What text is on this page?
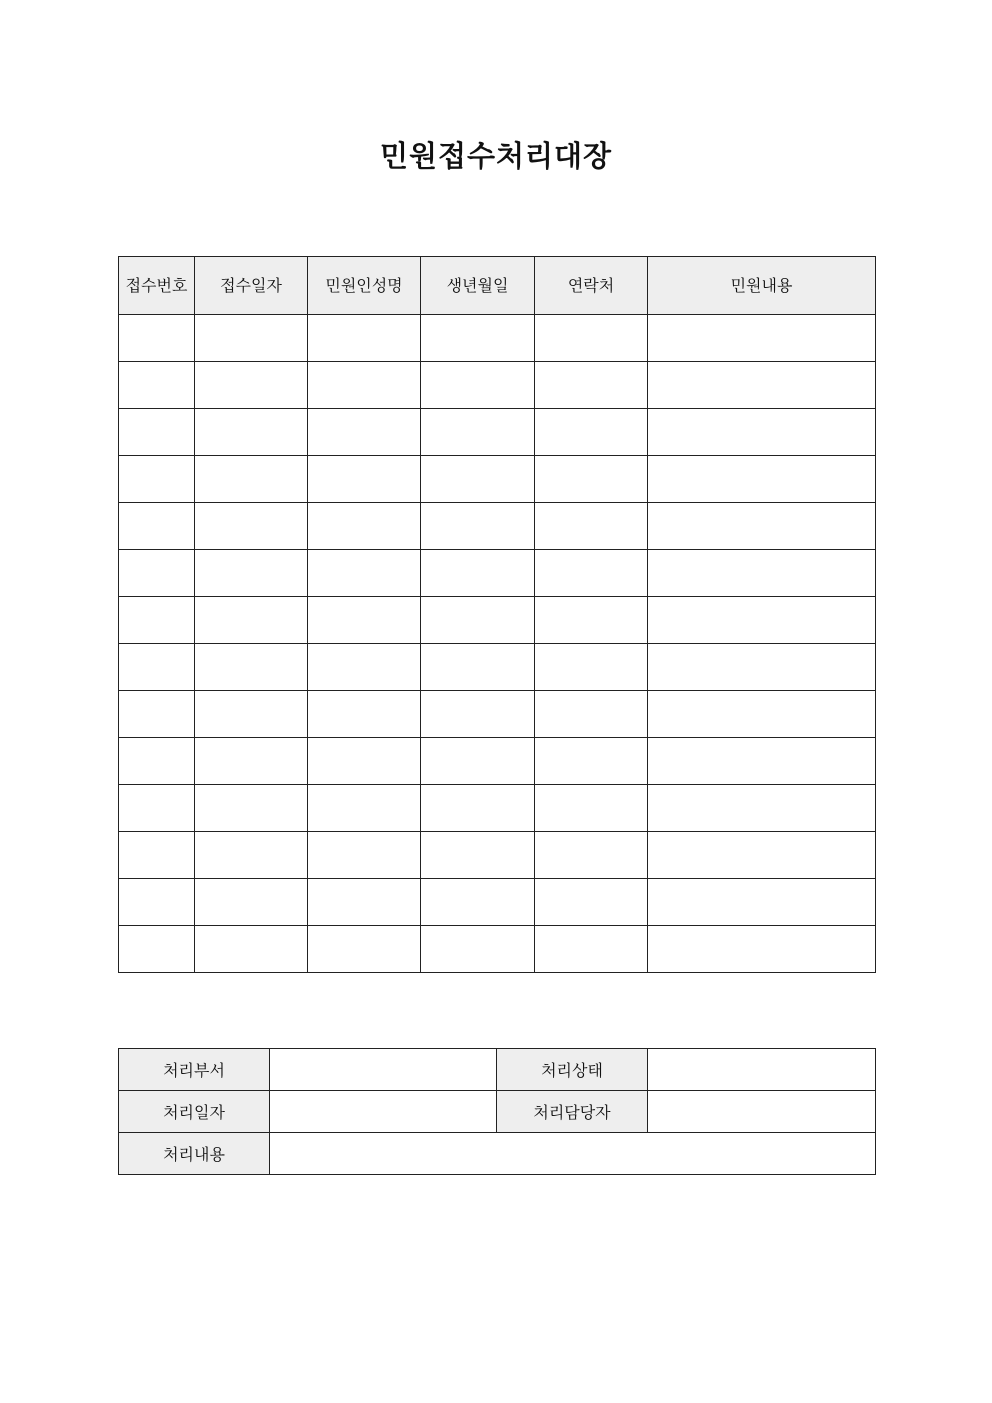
민원접수처리대장
접수번호	접수일자	민원인성명	생년월일	연락처	민원내용

처리부서		처리상태	
처리일자		처리담당자	
처리내용			
